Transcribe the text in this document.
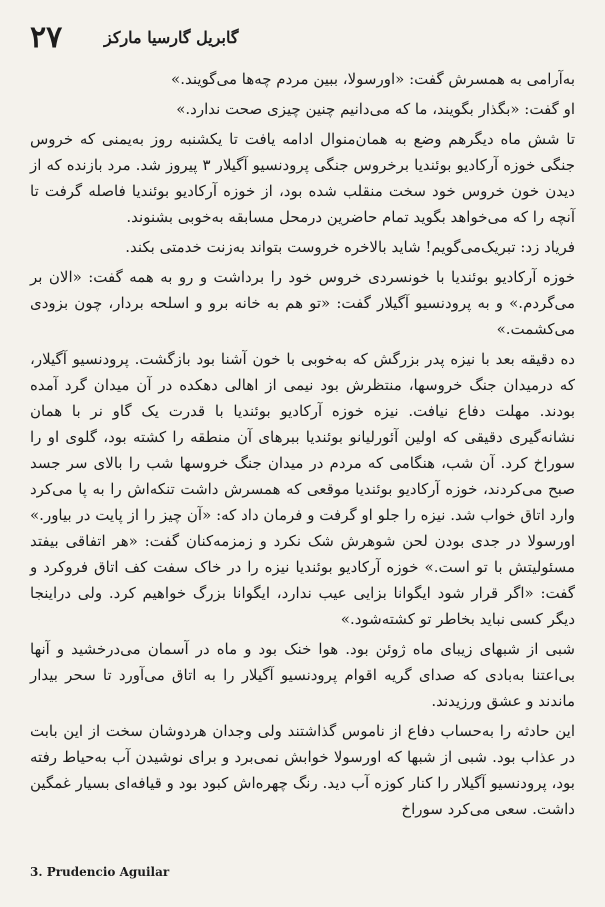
۲۷	گابریل گارسیا مارکز

به‌آرامی به همسرش گفت: «اورسولا، ببین مردم چه‌ها می‌گویند.»

او گفت: «بگذار بگویند، ما که می‌دانیم چنین چیزی صحت ندارد.»

تا شش ماه دیگرهم وضع به همان‌منوال ادامه یافت تا یکشنبه روز به‌یمنی که خروس جنگی خوزه آرکادیو بوئندیا برخروس جنگی پرودنسیو آگیلار ۳ پیروز شد. مرد بازنده که از دیدن خون خروس خود سخت منقلب شده بود، از خوزه آرکادیو بوئندیا فاصله گرفت تا آنچه را که می‌خواهد بگوید تمام حاضرین درمحل مسابقه به‌خوبی بشنوند.

فریاد زد: تبریک‌می‌گویم! شاید بالاخره خروست بتواند به‌زنت خدمتی بکند.

خوزه آرکادیو بوئندیا با خونسردی خروس خود را برداشت و رو به همه گفت: «الان بر می‌گردم.» و به پرودنسیو آگیلار گفت: «تو هم به خانه برو و اسلحه بردار، چون بزودی می‌کشمت.»

ده دقیقه بعد با نیزه پدر بزرگش که به‌خوبی با خون آشنا بود بازگشت. پرودنسیو آگیلار، که درمیدان جنگ خروسها، منتظرش بود نیمی از اهالی دهکده در آن میدان گرد آمده بودند. مهلت دفاع نیافت. نیزه خوزه آرکادیو بوئندیا با قدرت یک گاو نر با همان نشانه‌گیری دقیقی که اولین آئورلیانو بوئندیا ببرهای آن منطقه را کشته بود، گلوی او را سوراخ کرد. آن شب، هنگامی که مردم در میدان جنگ خروسها شب را بالای سر جسد صبح می‌کردند، خوزه آرکادیو بوئندیا موقعی که همسرش داشت تنکه‌اش را به پا می‌کرد وارد اتاق خواب شد. نیزه را جلو او گرفت و فرمان داد که: «آن چیز را از پایت در بیاور.» اورسولا در جدی بودن لحن شوهرش شک نکرد و زمزمه‌کنان گفت: «هر اتفاقی بیفتد مسئولیتش با تو است.» خوزه آرکادیو بوئندیا نیزه را در خاک سفت کف اتاق فروکرد و گفت: «اگر قرار شود ایگوانا بزایی عیب ندارد، ایگوانا بزرگ خواهیم کرد. ولی دراینجا دیگر کسی نباید بخاطر تو کشته‌شود.»

شبی از شبهای زیبای ماه ژوئن بود. هوا خنک بود و ماه در آسمان می‌درخشید و آنها بی‌اعتنا به‌بادی که صدای گریه اقوام پرودنسیو آگیلار را به اتاق می‌آورد تا سحر بیدار ماندند و عشق ورزیدند.

این حادثه را به‌حساب دفاع از ناموس گذاشتند ولی وجدان هردوشان سخت از این بابت در عذاب بود. شبی از شبها که اورسولا خوابش نمی‌برد و برای نوشیدن آب به‌حیاط رفته بود، پرودنسیو آگیلار را کنار کوزه آب دید. رنگ چهره‌اش کبود بود و قیافه‌ای بسیار غمگین داشت. سعی می‌کرد سوراخ

3. Prudencio Aguilar
